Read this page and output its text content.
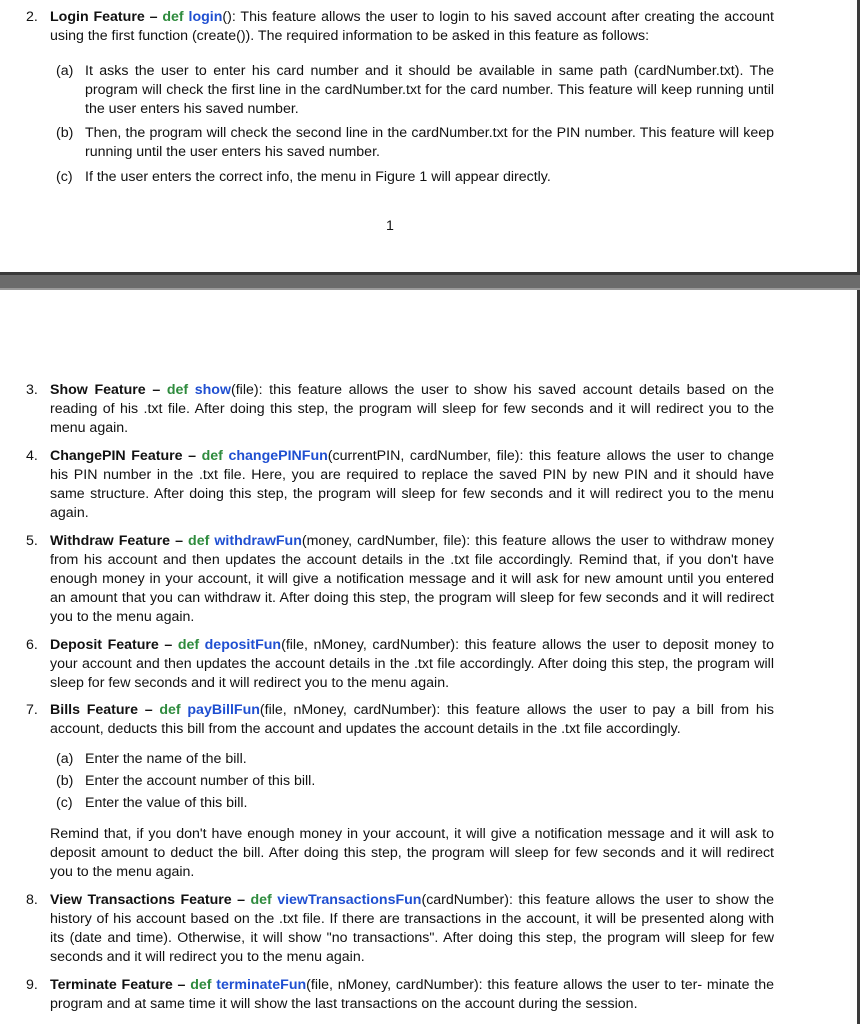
2. Login Feature – def login(): This feature allows the user to login to his saved account after creating the account using the first function (create()). The required information to be asked in this feature as follows:
(a) It asks the user to enter his card number and it should be available in same path (cardNumber.txt). The program will check the first line in the cardNumber.txt for the card number. This feature will keep running until the user enters his saved number.
(b) Then, the program will check the second line in the cardNumber.txt for the PIN number. This feature will keep running until the user enters his saved number.
(c) If the user enters the correct info, the menu in Figure 1 will appear directly.
1
3. Show Feature – def show(file): this feature allows the user to show his saved account details based on the reading of his .txt file. After doing this step, the program will sleep for few seconds and it will redirect you to the menu again.
4. ChangePIN Feature – def changePINFun(currentPIN, cardNumber, file): this feature allows the user to change his PIN number in the .txt file. Here, you are required to replace the saved PIN by new PIN and it should have same structure. After doing this step, the program will sleep for few seconds and it will redirect you to the menu again.
5. Withdraw Feature – def withdrawFun(money, cardNumber, file): this feature allows the user to withdraw money from his account and then updates the account details in the .txt file accordingly. Remind that, if you don't have enough money in your account, it will give a notification message and it will ask for new amount until you entered an amount that you can withdraw it. After doing this step, the program will sleep for few seconds and it will redirect you to the menu again.
6. Deposit Feature – def depositFun(file, nMoney, cardNumber): this feature allows the user to deposit money to your account and then updates the account details in the .txt file accordingly. After doing this step, the program will sleep for few seconds and it will redirect you to the menu again.
7. Bills Feature – def payBillFun(file, nMoney, cardNumber): this feature allows the user to pay a bill from his account, deducts this bill from the account and updates the account details in the .txt file accordingly.
(a) Enter the name of the bill.
(b) Enter the account number of this bill.
(c) Enter the value of this bill.
Remind that, if you don't have enough money in your account, it will give a notification message and it will ask to deposit amount to deduct the bill. After doing this step, the program will sleep for few seconds and it will redirect you to the menu again.
8. View Transactions Feature – def viewTransactionsFun(cardNumber): this feature allows the user to show the history of his account based on the .txt file. If there are transactions in the account, it will be presented along with its (date and time). Otherwise, it will show "no transactions". After doing this step, the program will sleep for few seconds and it will redirect you to the menu again.
9. Terminate Feature – def terminateFun(file, nMoney, cardNumber): this feature allows the user to ter- minate the program and at same time it will show the last transactions on the account during the session.
